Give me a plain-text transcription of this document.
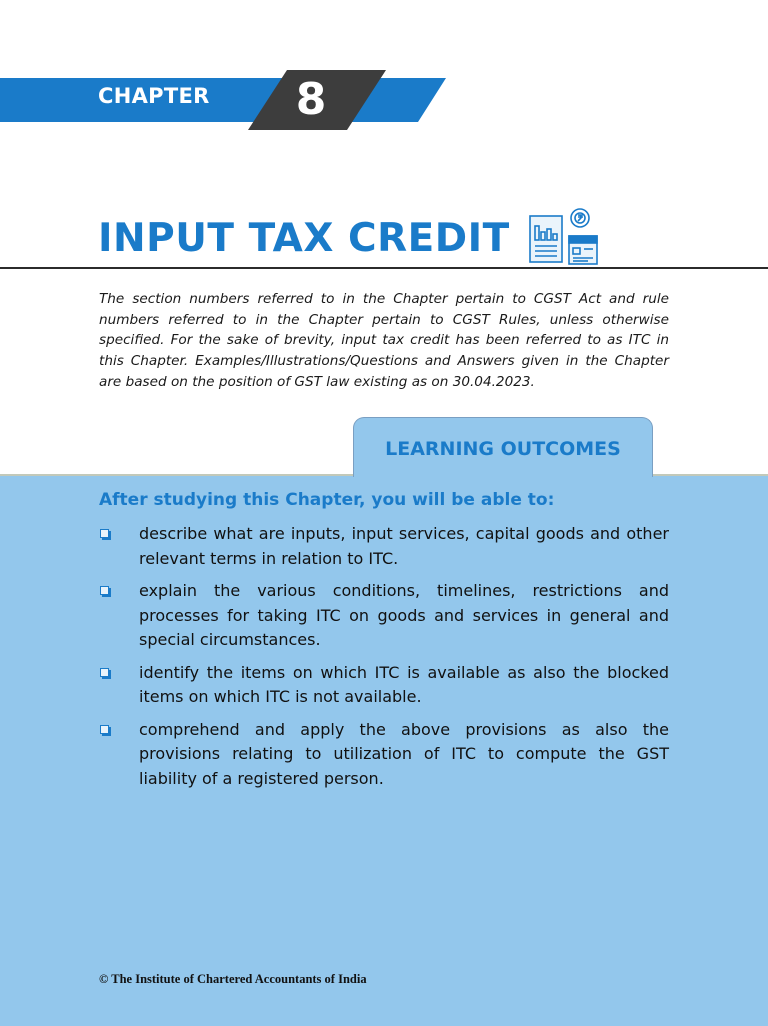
CHAPTER	8
INPUT TAX CREDIT

The section numbers referred to in the Chapter pertain to CGST Act and rule numbers referred to in the Chapter pertain to CGST Rules, unless otherwise specified. For the sake of brevity, input tax credit has been referred to as ITC in this Chapter. Examples/Illustrations/Questions and Answers given in the Chapter are based on the position of GST law existing as on 30.04.2023.

LEARNING OUTCOMES

After studying this Chapter, you will be able to:

describe what are inputs, input services, capital goods and other relevant terms in relation to ITC.
explain the various conditions, timelines, restrictions and processes for taking ITC on goods and services in general and special circumstances.
identify the items on which ITC is available as also the blocked items on which ITC is not available.
comprehend and apply the above provisions as also the provisions relating to utilization of ITC to compute the GST liability of a registered person.
© The Institute of Chartered Accountants of India
